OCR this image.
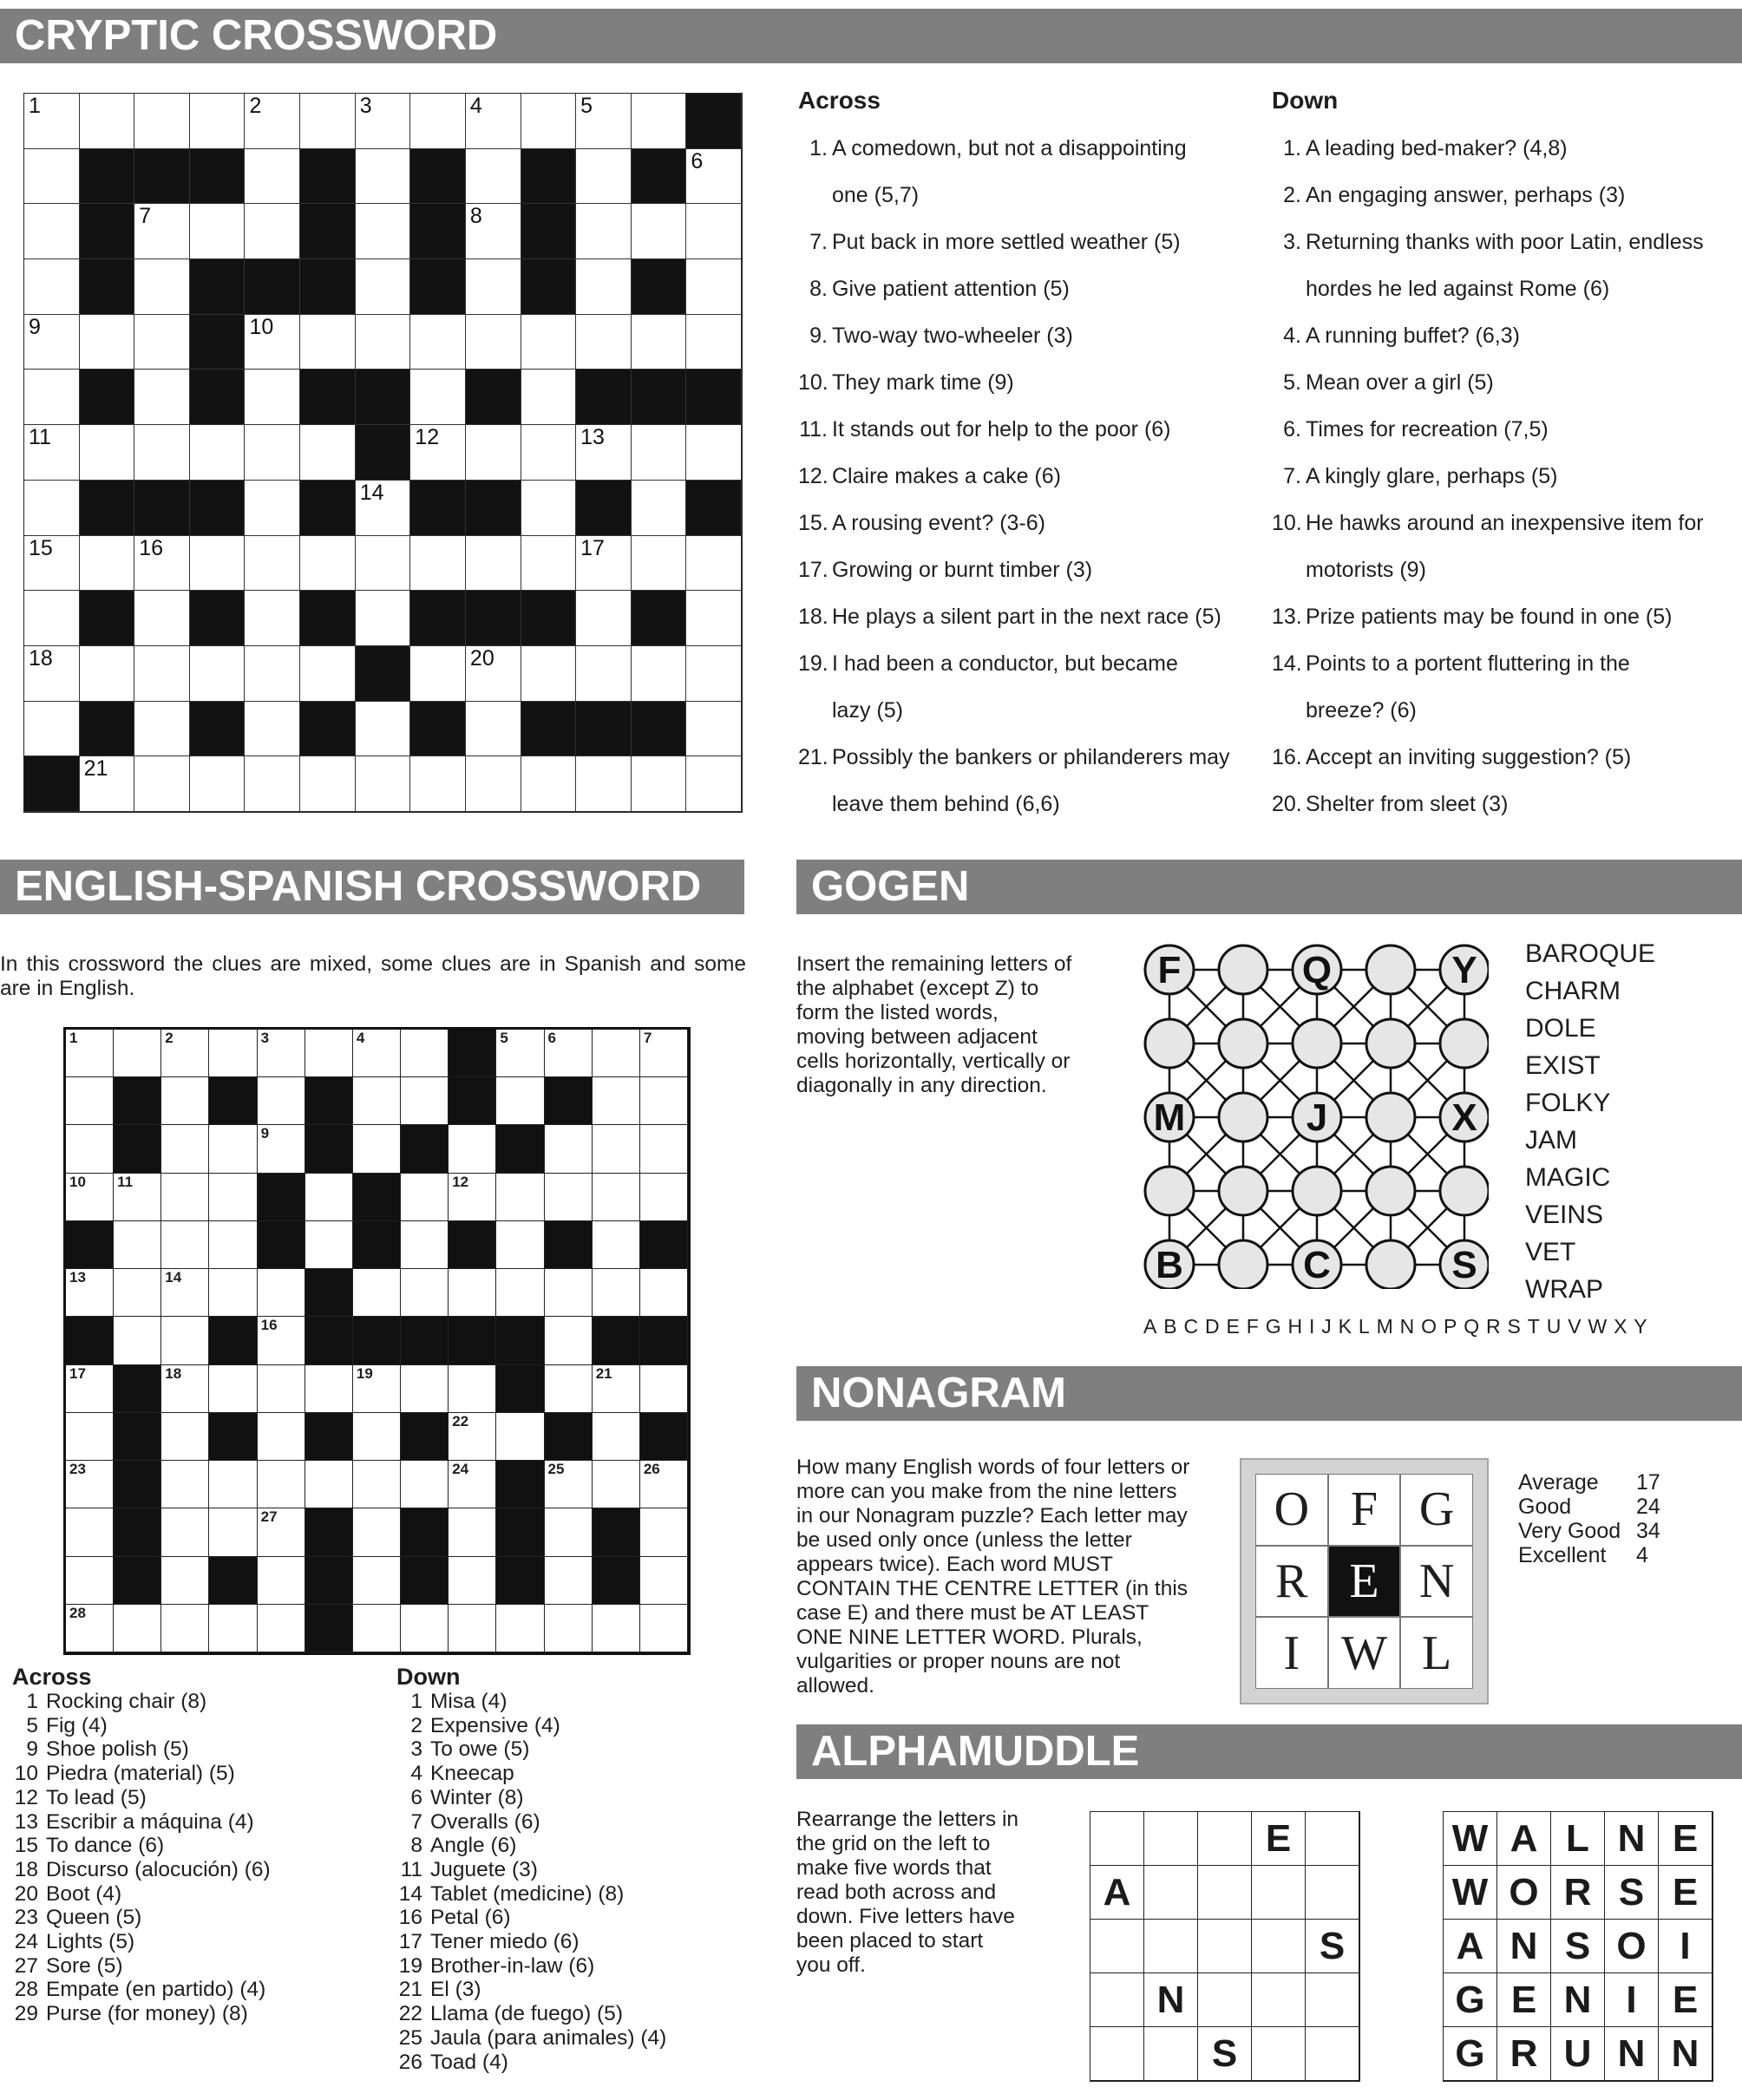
CRYPTIC CROSSWORD
1	2	3	4	5
6
7	8
9	10
11	12	13
14
15	16	17
18	20
21
Across
1. A comedown, but not a disappointing
one (5,7)
7. Put back in more settled weather (5)
8. Give patient attention (5)
9. Two-way two-wheeler (3)
10. They mark time (9)
11. It stands out for help to the poor (6)
12. Claire makes a cake (6)
15. A rousing event? (3-6)
17. Growing or burnt timber (3)
18. He plays a silent part in the next race (5)
19. I had been a conductor, but became
lazy (5)
21. Possibly the bankers or philanderers may
leave them behind (6,6)
Down
1. A leading bed-maker? (4,8)
2. An engaging answer, perhaps (3)
3. Returning thanks with poor Latin, endless
hordes he led against Rome (6)
4. A running buffet? (6,3)
5. Mean over a girl (5)
6. Times for recreation (7,5)
7. A kingly glare, perhaps (5)
10. He hawks around an inexpensive item for
motorists (9)
13. Prize patients may be found in one (5)
14. Points to a portent fluttering in the
breeze? (6)
16. Accept an inviting suggestion? (5)
20. Shelter from sleet (3)
ENGLISH-SPANISH CROSSWORD
In this crossword the clues are mixed, some clues are in Spanish and some are in English.
1	2	3	4	5	6	7
9
10 11	12
13	14
16
17	18	19	21
22
23	24	25	26
27
28
Across
1 Rocking chair (8)
5 Fig (4)
9 Shoe polish (5)
10 Piedra (material) (5)
12 To lead (5)
13 Escribir a máquina (4)
15 To dance (6)
18 Discurso (alocución) (6)
20 Boot (4)
23 Queen (5)
24 Lights (5)
27 Sore (5)
28 Empate (en partido) (4)
29 Purse (for money) (8)
Down
1 Misa (4)
2 Expensive (4)
3 To owe (5)
4 Kneecap
6 Winter (8)
7 Overalls (6)
8 Angle (6)
11 Juguete (3)
14 Tablet (medicine) (8)
16 Petal (6)
17 Tener miedo (6)
19 Brother-in-law (6)
21 El (3)
22 Llama (de fuego) (5)
25 Jaula (para animales) (4)
26 Toad (4)
GOGEN
Insert the remaining letters of the alphabet (except Z) to form the listed words, moving between adjacent cells horizontally, vertically or diagonally in any direction.
F	Q	Y
M	J	X
B	C	S
BAROQUE
CHARM
DOLE
EXIST
FOLKY
JAM
MAGIC
VEINS
VET
WRAP
ABCDEFGHIJKLMNOPQRSTUVWXY
NONAGRAM
How many English words of four letters or more can you make from the nine letters in our Nonagram puzzle? Each letter may be used only once (unless the letter appears twice). Each word MUST CONTAIN THE CENTRE LETTER (in this case E) and there must be AT LEAST ONE NINE LETTER WORD. Plurals, vulgarities or proper nouns are not allowed.
O F G
R E N
I W L
Average 17
Good	24
Very Good 34
Excellent 4
ALPHAMUDDLE
Rearrange the letters in the grid on the left to make five words that read both across and down. Five letters have been placed to start you off.
E
A
S
N
S
W A L N E
W O R S E
A N S O I
G E N I E
G R U N N
